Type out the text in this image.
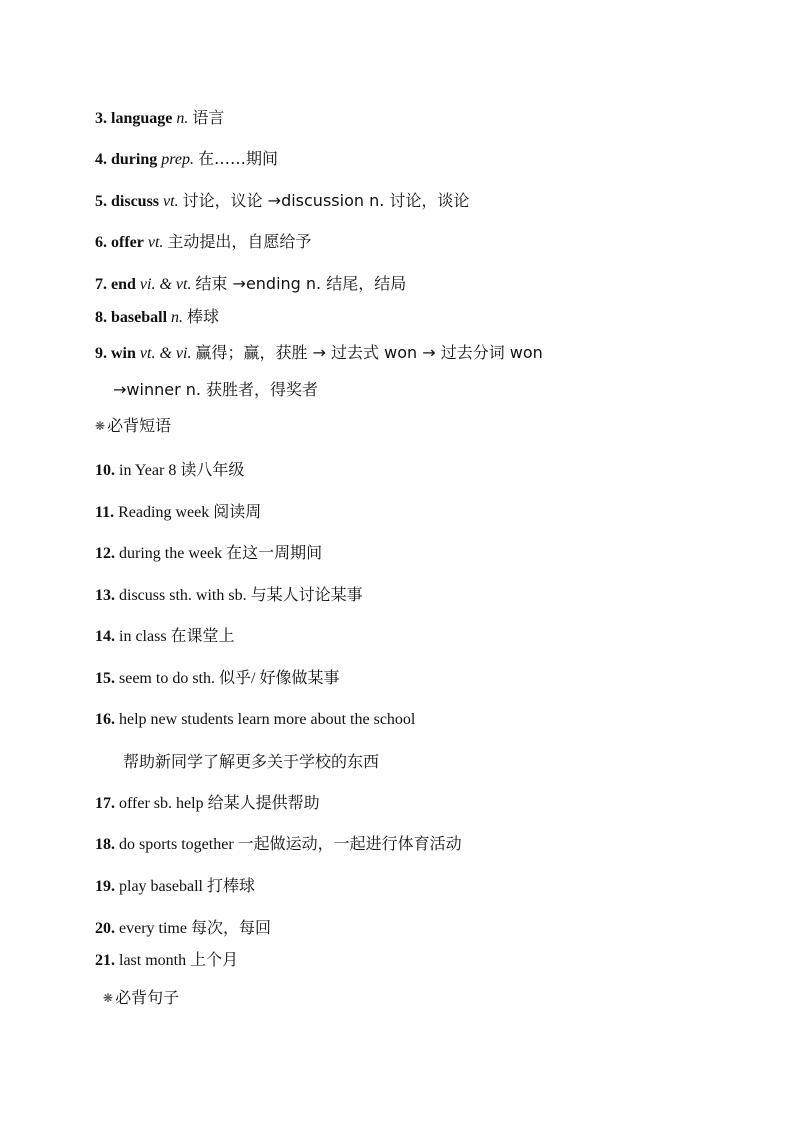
3. language n. 语言
4. during prep. 在……期间
5. discuss vt. 讨论，议论 →discussion n. 讨论，谈论
6. offer vt. 主动提出，自愿给予
7. end vi. & vt. 结束 →ending n. 结尾，结局
8. baseball n. 棒球
9. win vt. & vi. 赢得；赢，获胜 → 过去式 won → 过去分词 won
→winner n. 获胜者，得奖者
❋ 必背短语
10. in Year 8 读八年级
11. Reading week 阅读周
12. during the week 在这一周期间
13. discuss sth. with sb. 与某人讨论某事
14. in class 在课堂上
15. seem to do sth. 似乎/ 好像做某事
16. help new students learn more about the school
帮助新同学了解更多关于学校的东西
17. offer sb. help 给某人提供帮助
18. do sports together 一起做运动，一起进行体育活动
19. play baseball 打棒球
20. every time 每次，每回
21. last month 上个月
❋ 必背句子
